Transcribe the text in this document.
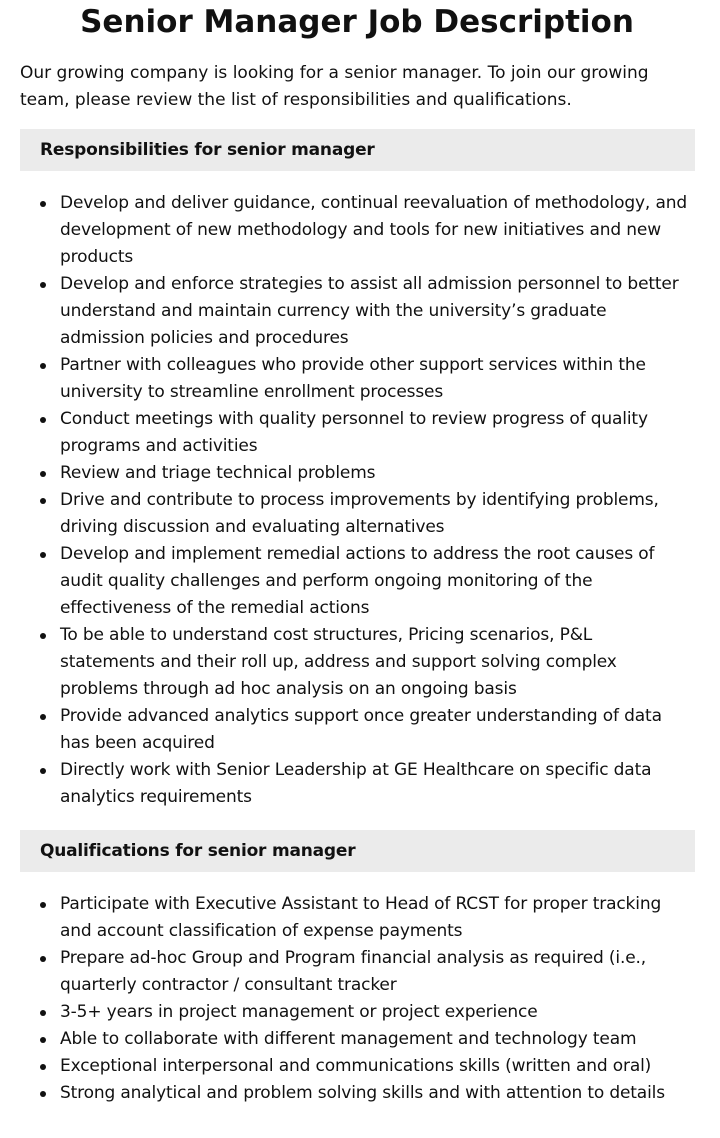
Senior Manager Job Description

Our growing company is looking for a senior manager. To join our growing team, please review the list of responsibilities and qualifications.

Responsibilities for senior manager
Develop and deliver guidance, continual reevaluation of methodology, and development of new methodology and tools for new initiatives and new products
Develop and enforce strategies to assist all admission personnel to better understand and maintain currency with the university’s graduate admission policies and procedures
Partner with colleagues who provide other support services within the university to streamline enrollment processes
Conduct meetings with quality personnel to review progress of quality programs and activities
Review and triage technical problems
Drive and contribute to process improvements by identifying problems, driving discussion and evaluating alternatives
Develop and implement remedial actions to address the root causes of audit quality challenges and perform ongoing monitoring of the effectiveness of the remedial actions
To be able to understand cost structures, Pricing scenarios, P&L statements and their roll up, address and support solving complex problems through ad hoc analysis on an ongoing basis
Provide advanced analytics support once greater understanding of data has been acquired
Directly work with Senior Leadership at GE Healthcare on specific data analytics requirements
Qualifications for senior manager
Participate with Executive Assistant to Head of RCST for proper tracking and account classification of expense payments
Prepare ad-hoc Group and Program financial analysis as required (i.e., quarterly contractor / consultant tracker
3-5+ years in project management or project experience
Able to collaborate with different management and technology team
Exceptional interpersonal and communications skills (written and oral)
Strong analytical and problem solving skills and with attention to details
